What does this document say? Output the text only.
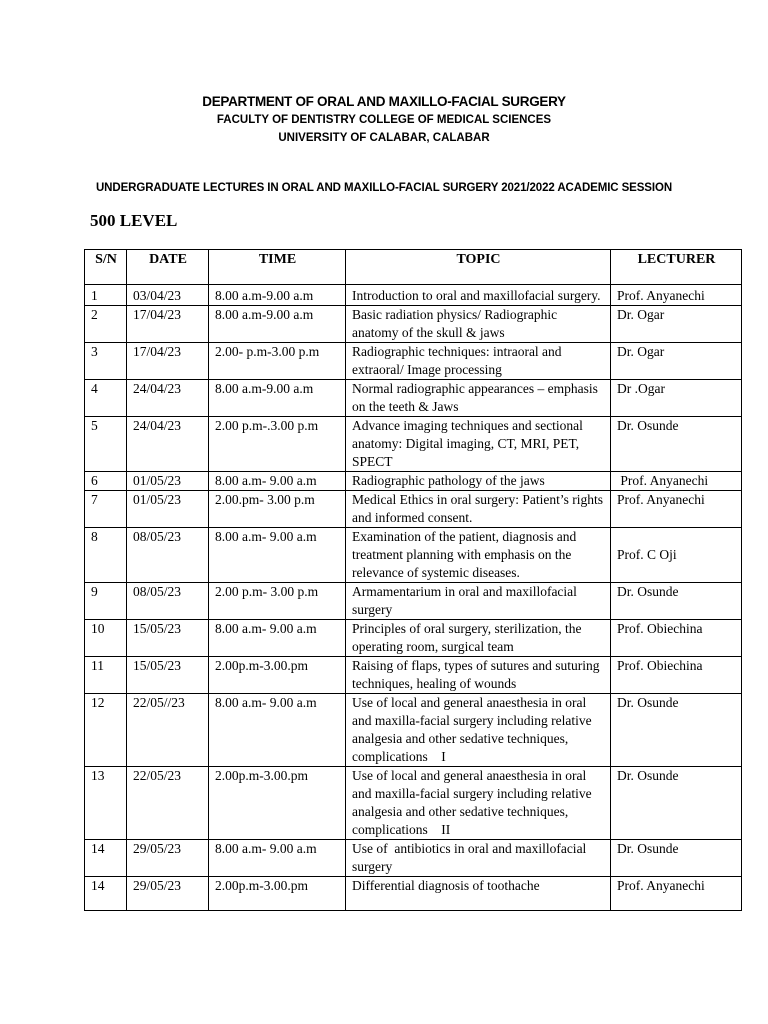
DEPARTMENT OF ORAL AND MAXILLO-FACIAL SURGERY
FACULTY OF DENTISTRY COLLEGE OF MEDICAL SCIENCES
UNIVERSITY OF CALABAR, CALABAR
UNDERGRADUATE LECTURES IN ORAL AND MAXILLO-FACIAL SURGERY 2021/2022 ACADEMIC SESSION
500 LEVEL
S/N	DATE	TIME	TOPIC	LECTURER
1	03/04/23	8.00 a.m-9.00 a.m	Introduction to oral and maxillofacial surgery.	Prof. Anyanechi
2	17/04/23	8.00 a.m-9.00 a.m	Basic radiation physics/ Radiographic anatomy of the skull & jaws	Dr. Ogar
3	17/04/23	2.00- p.m-3.00 p.m	Radiographic techniques: intraoral and extraoral/ Image processing	Dr. Ogar
4	24/04/23	8.00 a.m-9.00 a.m	Normal radiographic appearances – emphasis on the teeth & Jaws	Dr .Ogar
5	24/04/23	2.00 p.m-.3.00 p.m	Advance imaging techniques and sectional anatomy: Digital imaging, CT, MRI, PET, SPECT	Dr. Osunde
6	01/05/23	8.00 a.m- 9.00 a.m	Radiographic pathology of the jaws	Prof. Anyanechi
7	01/05/23	2.00.pm- 3.00 p.m	Medical Ethics in oral surgery: Patient’s rights and informed consent.	Prof. Anyanechi
8	08/05/23	8.00 a.m- 9.00 a.m	Examination of the patient, diagnosis and treatment planning with emphasis on the relevance of systemic diseases.	Prof. C Oji
9	08/05/23	2.00 p.m- 3.00 p.m	Armamentarium in oral and maxillofacial surgery	Dr. Osunde
10	15/05/23	8.00 a.m- 9.00 a.m	Principles of oral surgery, sterilization, the operating room, surgical team	Prof. Obiechina
11	15/05/23	2.00p.m-3.00.pm	Raising of flaps, types of sutures and suturing techniques, healing of wounds	Prof. Obiechina
12	22/05//23	8.00 a.m- 9.00 a.m	Use of local and general anaesthesia in oral and maxilla-facial surgery including relative analgesia and other sedative techniques, complications    I	Dr. Osunde
13	22/05/23	2.00p.m-3.00.pm	Use of local and general anaesthesia in oral and maxilla-facial surgery including relative analgesia and other sedative techniques, complications    II	Dr. Osunde
14	29/05/23	8.00 a.m- 9.00 a.m	Use of  antibiotics in oral and maxillofacial surgery	Dr. Osunde
14	29/05/23	2.00p.m-3.00.pm	Differential diagnosis of toothache	Prof. Anyanechi
